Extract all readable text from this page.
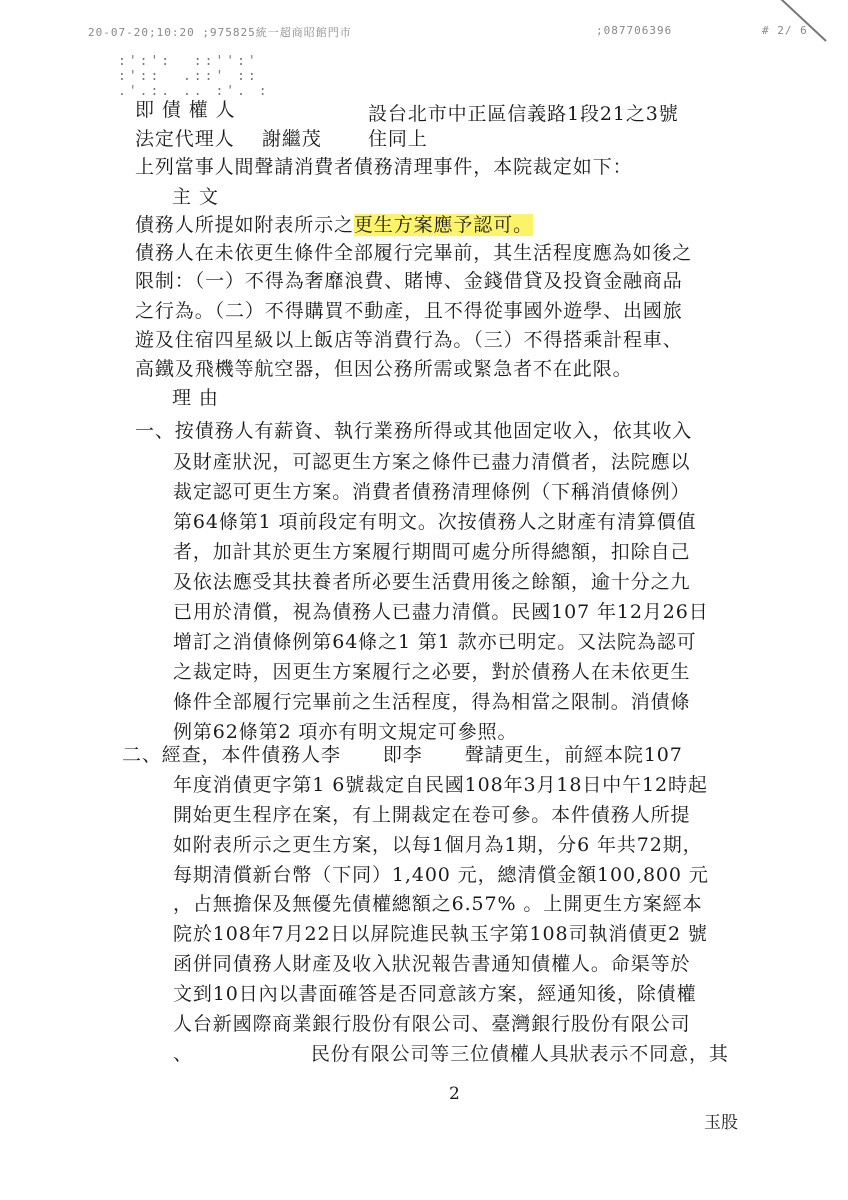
20-07-20;10:20 ;975825統一超商昭館門市	;087706396	# 2/ 6
:':':  ::'':'
:'::  .::' ::
.'.:. .. :'. :
即 債 權 人	設台北市中正區信義路1段21之3號
法定代理人 謝繼茂 住同上
上列當事人間聲請消費者債務清理事件，本院裁定如下：
主 文
債務人所提如附表所示之更生方案應予認可。
債務人在未依更生條件全部履行完畢前，其生活程度應為如後之
限制：（一）不得為奢靡浪費、賭博、金錢借貸及投資金融商品
之行為。（二）不得購買不動產，且不得從事國外遊學、出國旅
遊及住宿四星級以上飯店等消費行為。（三）不得搭乘計程車、
高鐵及飛機等航空器，但因公務所需或緊急者不在此限。
理 由
一、按債務人有薪資、執行業務所得或其他固定收入，依其收入
及財產狀況，可認更生方案之條件已盡力清償者，法院應以
裁定認可更生方案。消費者債務清理條例（下稱消債條例）
第64條第1 項前段定有明文。次按債務人之財產有清算價值
者，加計其於更生方案履行期間可處分所得總額，扣除自己
及依法應受其扶養者所必要生活費用後之餘額，逾十分之九
已用於清償，視為債務人已盡力清償。民國107 年12月26日
增訂之消債條例第64條之1 第1 款亦已明定。又法院為認可
之裁定時，因更生方案履行之必要，對於債務人在未依更生
條件全部履行完畢前之生活程度，得為相當之限制。消債條
例第62條第2 項亦有明文規定可參照。
二、經查，本件債務人李 即李 聲請更生，前經本院107
年度消債更字第1 6號裁定自民國108年3月18日中午12時起
開始更生程序在案，有上開裁定在卷可參。本件債務人所提
如附表所示之更生方案，以每1個月為1期，分6 年共72期，
每期清償新台幣（下同）1,400 元，總清償金額100,800 元
，占無擔保及無優先債權總額之6.57% 。上開更生方案經本
院於108年7月22日以屏院進民執玉字第108司執消債更2 號
函併同債務人財產及收入狀況報告書通知債權人。命渠等於
文到10日內以書面確答是否同意該方案，經通知後，除債權
人台新國際商業銀行股份有限公司、臺灣銀行股份有限公司
、	⺠份有限公司等三位債權人具狀表示不同意，其
2
玉股
